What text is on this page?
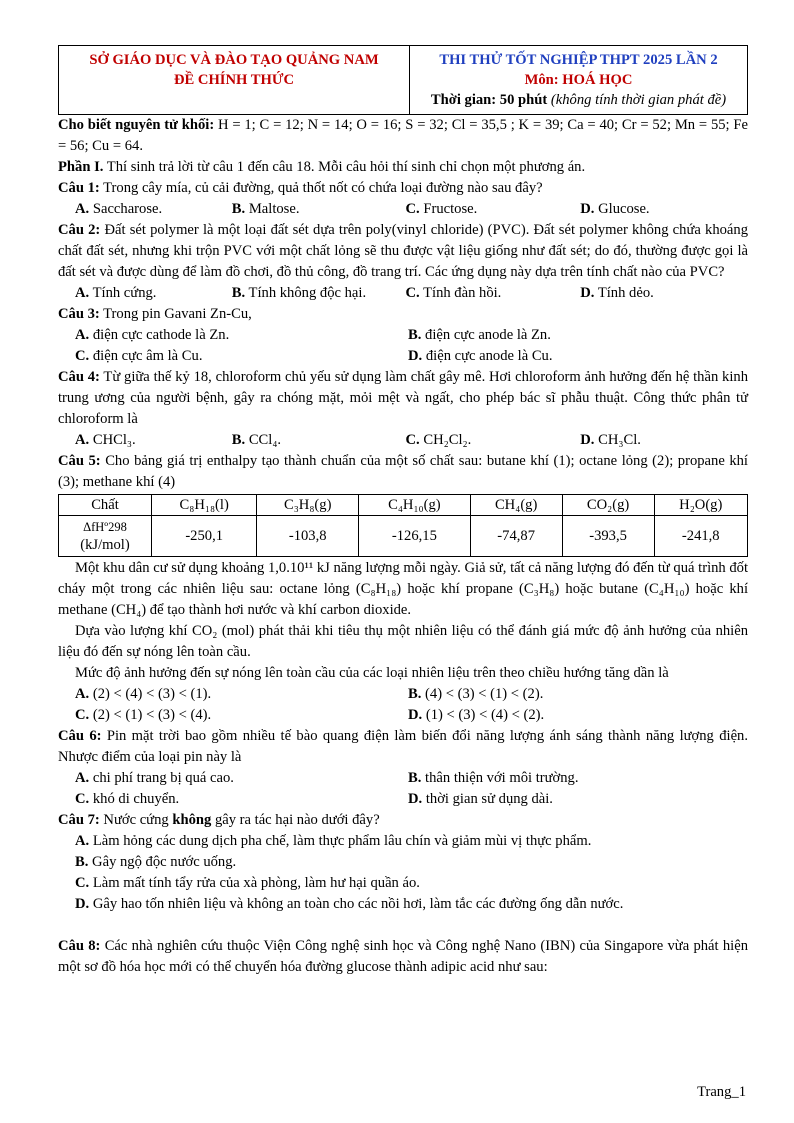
SỞ GIÁO DỤC VÀ ĐÀO TẠO QUẢNG NAM
ĐỀ CHÍNH THỨC

THI THỬ TỐT NGHIỆP THPT 2025 LẦN 2
Môn: HOÁ HỌC
Thời gian: 50 phút (không tính thời gian phát đề)

Cho biết nguyên tử khối: H = 1; C = 12; N = 14; O = 16; S = 32; Cl = 35,5 ; K = 39; Ca = 40; Cr = 52; Mn = 55; Fe = 56; Cu = 64.

Phần I. Thí sinh trả lời từ câu 1 đến câu 18. Mỗi câu hỏi thí sinh chỉ chọn một phương án.

Câu 1: Trong cây mía, củ cải đường, quả thốt nốt có chứa loại đường nào sau đây?

A. Saccharose.	B. Maltose.	C. Fructose.	D. Glucose.

Câu 2: Đất sét polymer là một loại đất sét dựa trên poly(vinyl chloride) (PVC). Đất sét polymer không chứa khoáng chất đất sét, nhưng khi trộn PVC với một chất lỏng sẽ thu được vật liệu giống như đất sét; do đó, thường được gọi là đất sét và được dùng để làm đồ chơi, đồ thủ công, đồ trang trí. Các ứng dụng này dựa trên tính chất nào của PVC?

A. Tính cứng.	B. Tính không độc hại.	C. Tính đàn hồi.	D. Tính dẻo.

Câu 3: Trong pin Gavani Zn-Cu,

A. điện cực cathode là Zn.	B. điện cực anode là Zn.
C. điện cực âm là Cu.	D. điện cực anode là Cu.

Câu 4: Từ giữa thế kỷ 18, chloroform chủ yếu sử dụng làm chất gây mê. Hơi chloroform ảnh hưởng đến hệ thần kinh trung ương của người bệnh, gây ra chóng mặt, mỏi mệt và ngất, cho phép bác sĩ phẫu thuật. Công thức phân tử chloroform là

A. CHCl₃.	B. CCl₄.	C. CH₂Cl₂.	D. CH₃Cl.

Câu 5: Cho bảng giá trị enthalpy tạo thành chuẩn của một số chất sau: butane khí (1); octane lỏng (2); propane khí (3); methane khí (4)

Chất	C₈H₁₈(l)	C₃H₈(g)	C₄H₁₀(g)	CH₄(g)	CO₂(g)	H₂O(g)

ΔfHº298
(kJ/mol)	-250,1	-103,8	-126,15	-74,87	-393,5	-241,8

Một khu dân cư sử dụng khoảng 1,0.10¹¹ kJ năng lượng mỗi ngày. Giả sử, tất cả năng lượng đó đến từ quá trình đốt cháy một trong các nhiên liệu sau: octane lỏng (C₈H₁₈) hoặc khí propane (C₃H₈) hoặc butane (C₄H₁₀) hoặc khí methane (CH₄) để tạo thành hơi nước và khí carbon dioxide.

Dựa vào lượng khí CO₂ (mol) phát thải khi tiêu thụ một nhiên liệu có thể đánh giá mức độ ảnh hưởng của nhiên liệu đó đến sự nóng lên toàn cầu.

Mức độ ảnh hưởng đến sự nóng lên toàn cầu của các loại nhiên liệu trên theo chiều hướng tăng dần là

A. (2) < (4) < (3) < (1).	B. (4) < (3) < (1) < (2).
C. (2) < (1) < (3) < (4).	D. (1) < (3) < (4) < (2).

Câu 6: Pin mặt trời bao gồm nhiều tế bào quang điện làm biến đổi năng lượng ánh sáng thành năng lượng điện. Nhược điểm của loại pin này là

A. chi phí trang bị quá cao.	B. thân thiện với môi trường.
C. khó di chuyển.	D. thời gian sử dụng dài.

Câu 7: Nước cứng không gây ra tác hại nào dưới đây?

A. Làm hỏng các dung dịch pha chế, làm thực phẩm lâu chín và giảm mùi vị thực phẩm.
B. Gây ngộ độc nước uống.
C. Làm mất tính tẩy rửa của xà phòng, làm hư hại quần áo.
D. Gây hao tốn nhiên liệu và không an toàn cho các nồi hơi, làm tắc các đường ống dẫn nước.

Câu 8: Các nhà nghiên cứu thuộc Viện Công nghệ sinh học và Công nghệ Nano (IBN) của Singapore vừa phát hiện một sơ đồ hóa học mới có thể chuyển hóa đường glucose thành adipic acid như sau:

Trang_1
